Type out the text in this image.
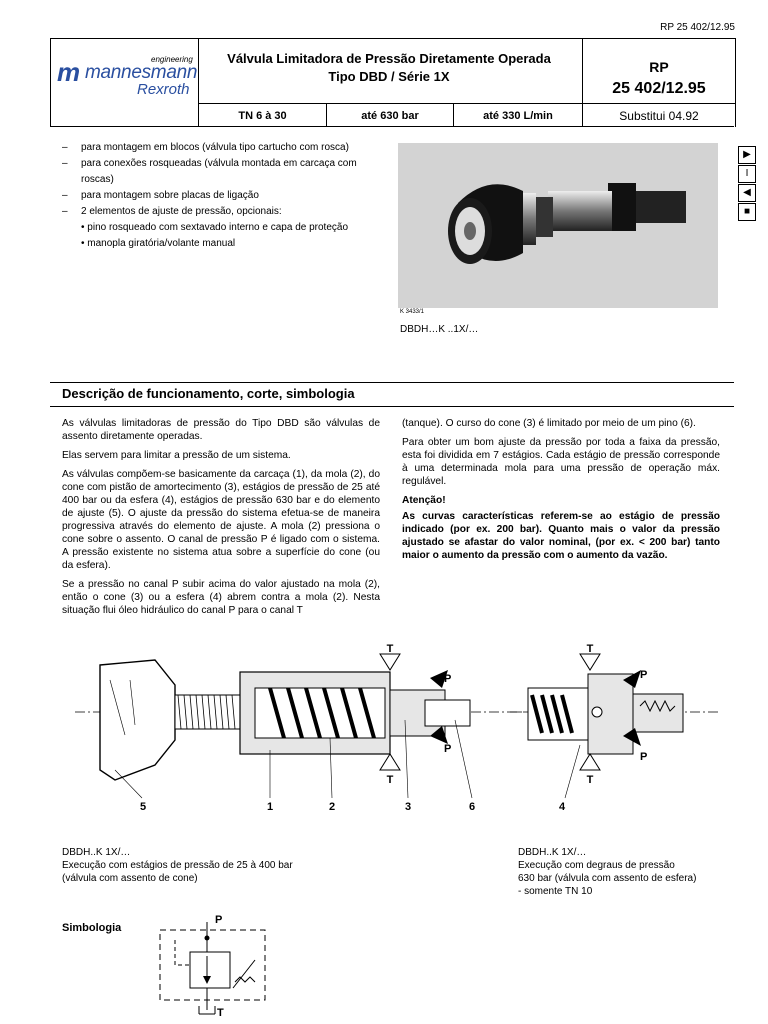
RP 25 402/12.95
engineering
m mannesmann
Rexroth
Válvula Limitadora de Pressão Diretamente Operada
Tipo DBD / Série 1X
RP
25 402/12.95
TN 6 à 30	até 630 bar	até 330 L/min	Substitui 04.92
– para montagem em blocos (válvula tipo cartucho com rosca)
– para conexões rosqueadas (válvula montada em carcaça com roscas)
– para montagem sobre placas de ligação
– 2 elementos de ajuste de pressão, opcionais:
• pino rosqueado com sextavado interno e capa de proteção
• manopla giratória/volante manual
K 3433/1
DBDH…K ..1X/…
▶
I
◀
■
Descrição de funcionamento, corte, simbologia

As válvulas limitadoras de pressão do Tipo DBD são válvulas de assento diretamente operadas.

Elas servem para limitar a pressão de um sistema.

As válvulas compõem-se basicamente da carcaça (1), da mola (2), do cone com pistão de amortecimento (3), estágios de pressão de 25 até 400 bar ou da esfera (4), estágios de pressão 630 bar e do elemento de ajuste (5). O ajuste da pressão do sistema efetua-se de maneira progressiva através do elemento de ajuste. A mola (2) pressiona o cone sobre o assento. O canal de pressão P é ligado com o sistema. A pressão existente no sistema atua sobre a superfície do cone (ou da esfera).

Se a pressão no canal P subir acima do valor ajustado na mola (2), então o cone (3) ou a esfera (4) abrem contra a mola (2). Nesta situação flui óleo hidráulico do canal P para o canal T

(tanque). O curso do cone (3) é limitado por meio de um pino (6).

Para obter um bom ajuste da pressão por toda a faixa da pressão, esta foi dividida em 7 estágios. Cada estágio de pressão corresponde à uma determinada mola para uma pressão de operação máx. regulável.

Atenção!

As curvas características referem-se ao estágio de pressão indicado (por ex. 200 bar). Quanto mais o valor da pressão ajustado se afastar do valor nominal, (por ex. < 200 bar) tanto maior o aumento da pressão com o aumento da vazão.

T
T
P
P
5	1	2	3	6
T
T
P
P
4
DBDH..K 1X/…
Execução com estágios de pressão de 25 à 400 bar
(válvula com assento de cone)
DBDH..K 1X/…
Execução com degraus de pressão
630 bar (válvula com assento de esfera)
- somente TN 10
Simbologia
P
T
